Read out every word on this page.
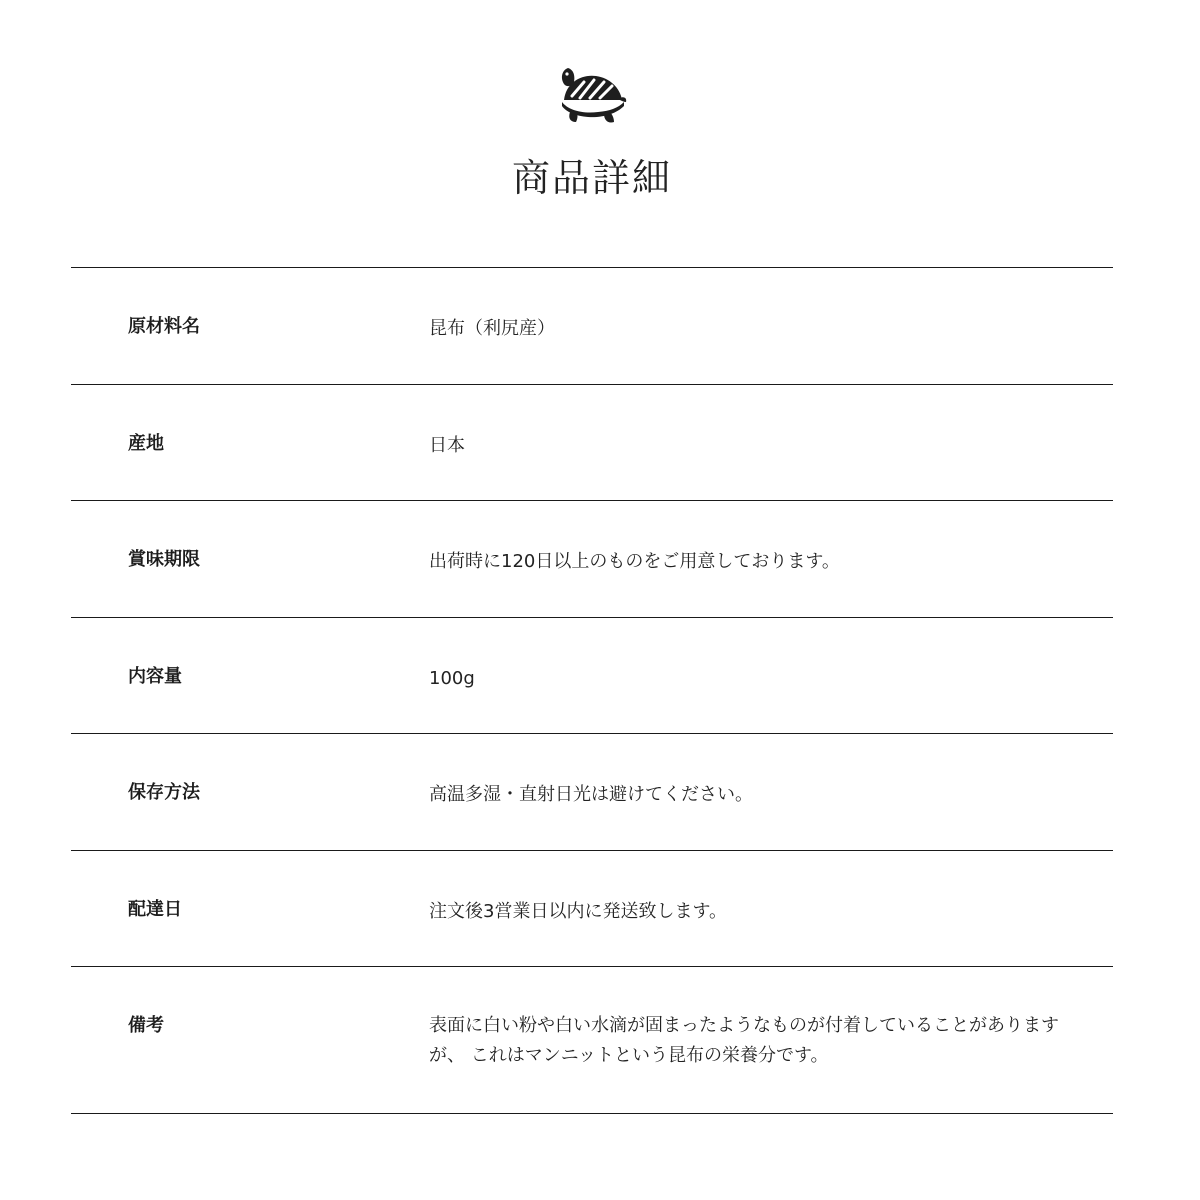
商品詳細
原材料名	昆布（利尻産）
産地	日本
賞味期限	出荷時に120日以上のものをご用意しております。
内容量	100g
保存方法	高温多湿・直射日光は避けてください。
配達日	注文後3営業日以内に発送致します。
備考	表面に白い粉や白い水滴が固まったようなものが付着していることがありますが、 これはマンニットという昆布の栄養分です。
